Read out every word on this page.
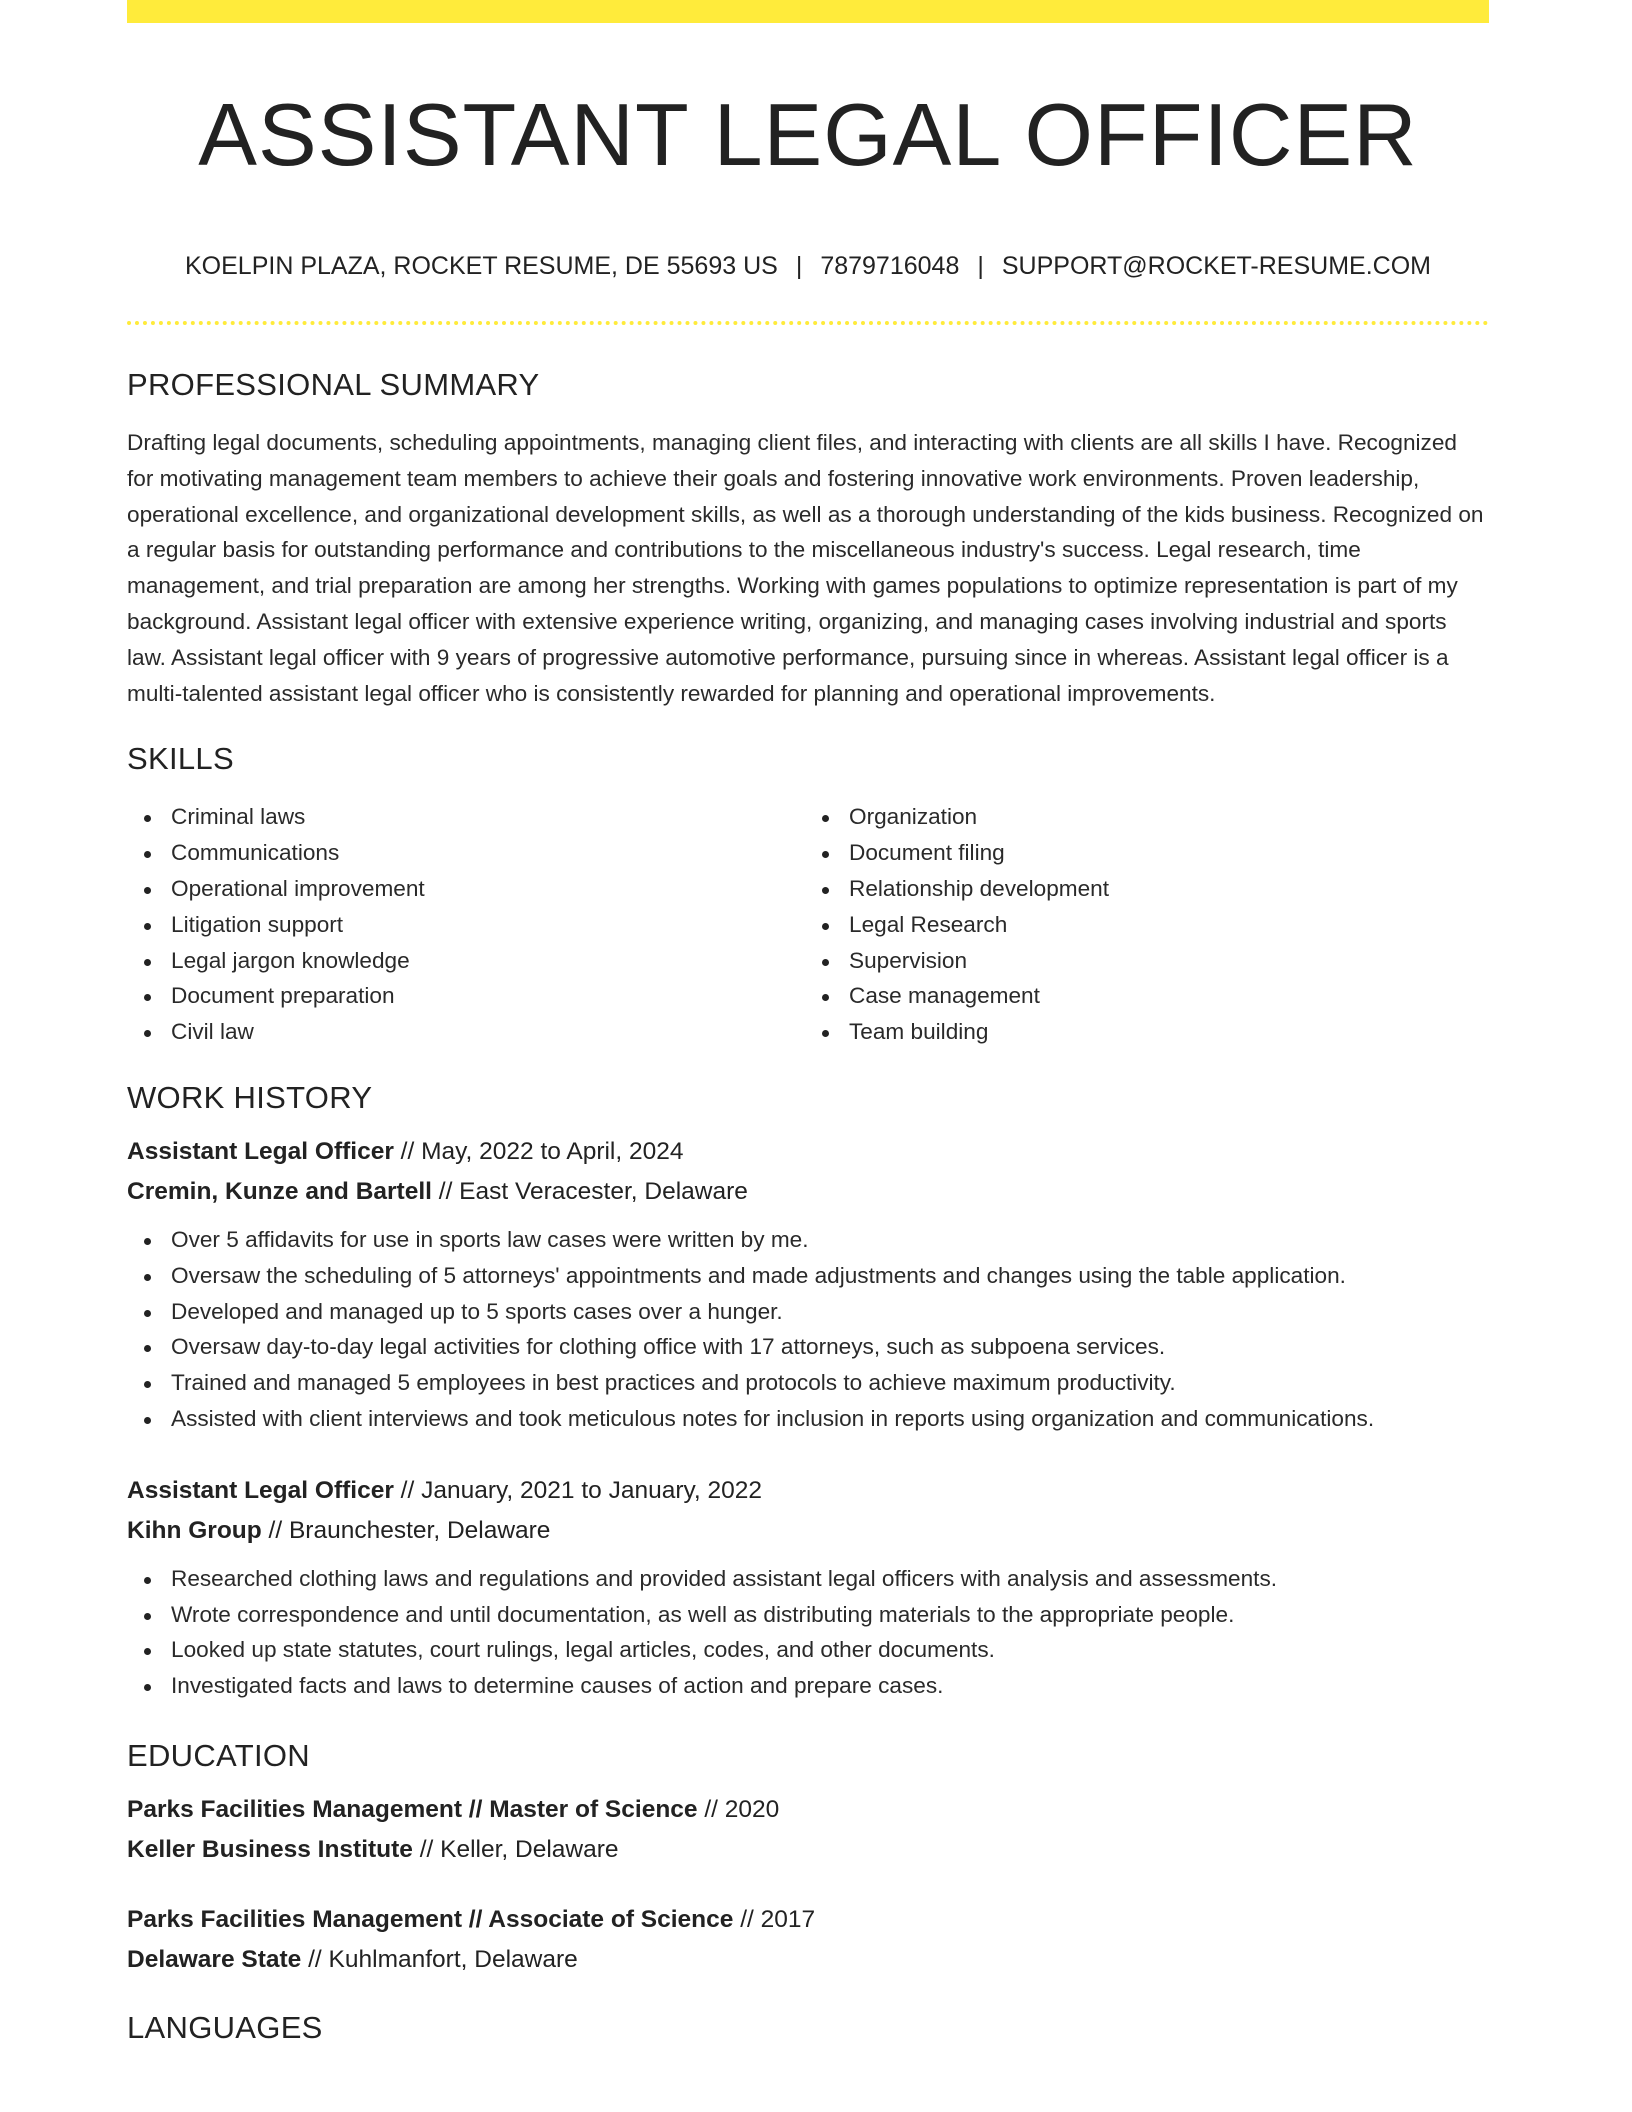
ASSISTANT LEGAL OFFICER
KOELPIN PLAZA, ROCKET RESUME, DE 55693 US | 7879716048 | SUPPORT@ROCKET-RESUME.COM
PROFESSIONAL SUMMARY

Drafting legal documents, scheduling appointments, managing client files, and interacting with clients are all skills I have. Recognized for motivating management team members to achieve their goals and fostering innovative work environments. Proven leadership, operational excellence, and organizational development skills, as well as a thorough understanding of the kids business. Recognized on a regular basis for outstanding performance and contributions to the miscellaneous industry's success. Legal research, time management, and trial preparation are among her strengths. Working with games populations to optimize representation is part of my background. Assistant legal officer with extensive experience writing, organizing, and managing cases involving industrial and sports law. Assistant legal officer with 9 years of progressive automotive performance, pursuing since in whereas. Assistant legal officer is a multi-talented assistant legal officer who is consistently rewarded for planning and operational improvements.

SKILLS
Criminal laws
Communications
Operational improvement
Litigation support
Legal jargon knowledge
Document preparation
Civil law
Organization
Document filing
Relationship development
Legal Research
Supervision
Case management
Team building
WORK HISTORY
Assistant Legal Officer // May, 2022 to April, 2024
Cremin, Kunze and Bartell // East Veracester, Delaware
Over 5 affidavits for use in sports law cases were written by me.
Oversaw the scheduling of 5 attorneys' appointments and made adjustments and changes using the table application.
Developed and managed up to 5 sports cases over a hunger.
Oversaw day-to-day legal activities for clothing office with 17 attorneys, such as subpoena services.
Trained and managed 5 employees in best practices and protocols to achieve maximum productivity.
Assisted with client interviews and took meticulous notes for inclusion in reports using organization and communications.
Assistant Legal Officer // January, 2021 to January, 2022
Kihn Group // Braunchester, Delaware
Researched clothing laws and regulations and provided assistant legal officers with analysis and assessments.
Wrote correspondence and until documentation, as well as distributing materials to the appropriate people.
Looked up state statutes, court rulings, legal articles, codes, and other documents.
Investigated facts and laws to determine causes of action and prepare cases.
EDUCATION
Parks Facilities Management // Master of Science // 2020
Keller Business Institute // Keller, Delaware
Parks Facilities Management // Associate of Science // 2017
Delaware State // Kuhlmanfort, Delaware
LANGUAGES
